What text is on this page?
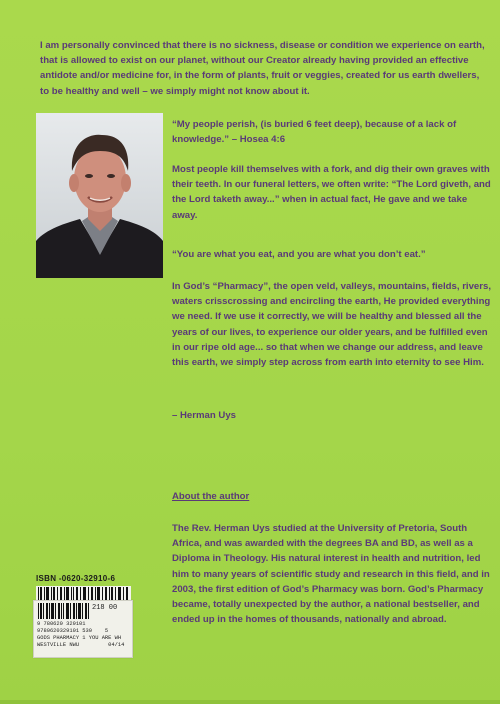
I am personally convinced that there is no sickness, disease or condition we experience on earth, that is allowed to exist on our planet, without our Creator already having provided an effective antidote and/or medicine for, in the form of plants, fruit or veggies, created for us earth dwellers, to be healthy and well – we simply might not know about it.
“My people perish, (is buried 6 feet deep), because of a lack of knowledge.” – Hosea 4:6
Most people kill themselves with a fork, and dig their own graves with their teeth. In our funeral letters, we often write: “The Lord giveth, and the Lord taketh away...” when in actual fact, He gave and we take away.
“You are what you eat, and you are what you don’t eat.”
In God’s “Pharmacy”, the open veld, valleys, mountains, fields, rivers, waters crisscrossing and encircling the earth, He provided everything we need. If we use it correctly, we will be healthy and blessed all the years of our lives, to experience our older years, and be fulfilled even in our ripe old age... so that when we change our address, and leave this earth, we simply step across from earth into eternity to see Him.
– Herman Uys
About the author
The Rev. Herman Uys studied at the University of Pretoria, South Africa, and was awarded with the degrees BA and BD, as well as a Diploma in Theology. His natural interest in health and nutrition, led him to many years of scientific study and research in this field, and in 2003, the first edition of God’s Pharmacy was born. God’s Pharmacy became, totally unexpected by the author, a national bestseller, and ended up in the homes of thousands, nationally and abroad.
ISBN -0620-32910-6
218 00
9 780620 329101
9780620329101 530    5
GODS PHARMACY 1 YOU ARE WH
WESTVILLE NWU         04/14
